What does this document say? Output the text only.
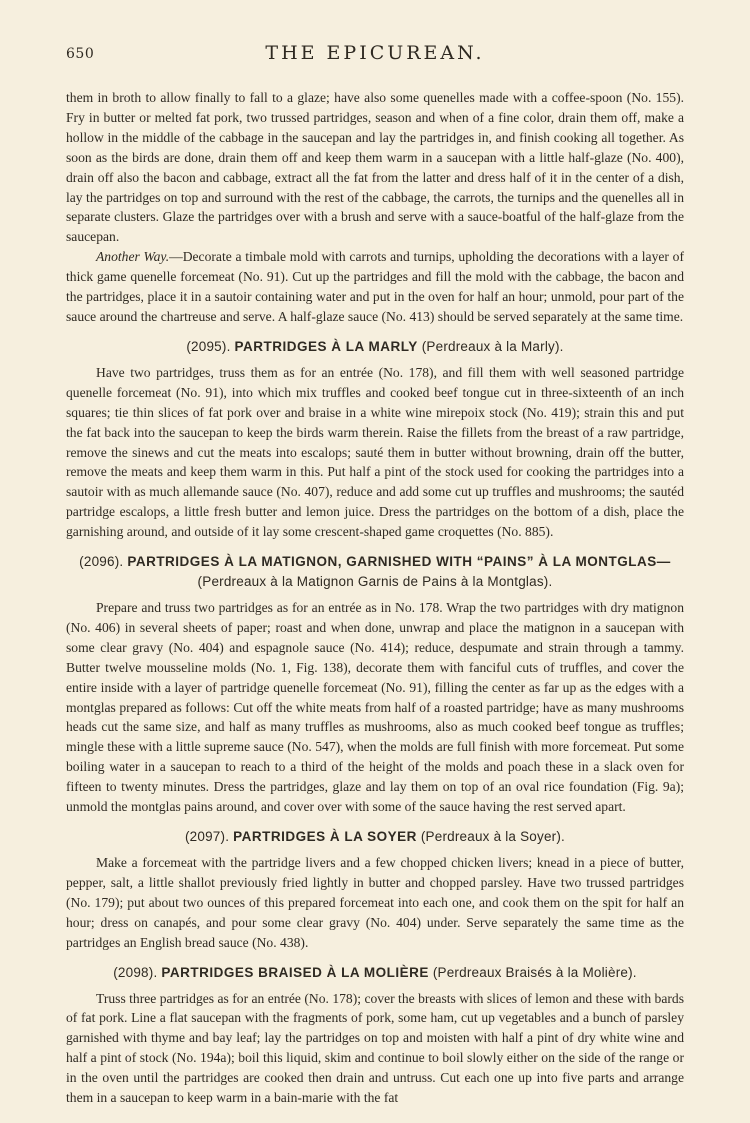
650	THE EPICUREAN.

them in broth to allow finally to fall to a glaze; have also some quenelles made with a coffee-spoon (No. 155). Fry in butter or melted fat pork, two trussed partridges, season and when of a fine color, drain them off, make a hollow in the middle of the cabbage in the saucepan and lay the partridges in, and finish cooking all together. As soon as the birds are done, drain them off and keep them warm in a saucepan with a little half-glaze (No. 400), drain off also the bacon and cabbage, extract all the fat from the latter and dress half of it in the center of a dish, lay the partridges on top and surround with the rest of the cabbage, the carrots, the turnips and the quenelles all in separate clusters. Glaze the partridges over with a brush and serve with a sauce-boatful of the half-glaze from the saucepan.

Another Way.—Decorate a timbale mold with carrots and turnips, upholding the decorations with a layer of thick game quenelle forcemeat (No. 91). Cut up the partridges and fill the mold with the cabbage, the bacon and the partridges, place it in a sautoir containing water and put in the oven for half an hour; unmold, pour part of the sauce around the chartreuse and serve. A half-glaze sauce (No. 413) should be served separately at the same time.

(2095). PARTRIDGES À LA MARLY (Perdreaux à la Marly).

Have two partridges, truss them as for an entrée (No. 178), and fill them with well seasoned partridge quenelle forcemeat (No. 91), into which mix truffles and cooked beef tongue cut in three-sixteenth of an inch squares; tie thin slices of fat pork over and braise in a white wine mirepoix stock (No. 419); strain this and put the fat back into the saucepan to keep the birds warm therein. Raise the fillets from the breast of a raw partridge, remove the sinews and cut the meats into escalops; sauté them in butter without browning, drain off the butter, remove the meats and keep them warm in this. Put half a pint of the stock used for cooking the partridges into a sautoir with as much allemande sauce (No. 407), reduce and add some cut up truffles and mushrooms; the sautéd partridge escalops, a little fresh butter and lemon juice. Dress the partridges on the bottom of a dish, place the garnishing around, and outside of it lay some crescent-shaped game croquettes (No. 885).

(2096). PARTRIDGES À LA MATIGNON, GARNISHED WITH “PAINS” À LA MONTGLAS—
(Perdreaux à la Matignon Garnis de Pains à la Montglas).

Prepare and truss two partridges as for an entrée as in No. 178. Wrap the two partridges with dry matignon (No. 406) in several sheets of paper; roast and when done, unwrap and place the matignon in a saucepan with some clear gravy (No. 404) and espagnole sauce (No. 414); reduce, despumate and strain through a tammy. Butter twelve mousseline molds (No. 1, Fig. 138), decorate them with fanciful cuts of truffles, and cover the entire inside with a layer of partridge quenelle forcemeat (No. 91), filling the center as far up as the edges with a montglas prepared as follows: Cut off the white meats from half of a roasted partridge; have as many mushrooms heads cut the same size, and half as many truffles as mushrooms, also as much cooked beef tongue as truffles; mingle these with a little supreme sauce (No. 547), when the molds are full finish with more forcemeat. Put some boiling water in a saucepan to reach to a third of the height of the molds and poach these in a slack oven for fifteen to twenty minutes. Dress the partridges, glaze and lay them on top of an oval rice foundation (Fig. 9a); unmold the montglas pains around, and cover over with some of the sauce having the rest served apart.

(2097). PARTRIDGES À LA SOYER (Perdreaux à la Soyer).

Make a forcemeat with the partridge livers and a few chopped chicken livers; knead in a piece of butter, pepper, salt, a little shallot previously fried lightly in butter and chopped parsley. Have two trussed partridges (No. 179); put about two ounces of this prepared forcemeat into each one, and cook them on the spit for half an hour; dress on canapés, and pour some clear gravy (No. 404) under. Serve separately the same time as the partridges an English bread sauce (No. 438).

(2098). PARTRIDGES BRAISED À LA MOLIÈRE (Perdreaux Braisés à la Molière).

Truss three partridges as for an entrée (No. 178); cover the breasts with slices of lemon and these with bards of fat pork. Line a flat saucepan with the fragments of pork, some ham, cut up vegetables and a bunch of parsley garnished with thyme and bay leaf; lay the partridges on top and moisten with half a pint of dry white wine and half a pint of stock (No. 194a); boil this liquid, skim and continue to boil slowly either on the side of the range or in the oven until the partridges are cooked then drain and untruss. Cut each one up into five parts and arrange them in a saucepan to keep warm in a bain-marie with the fat
